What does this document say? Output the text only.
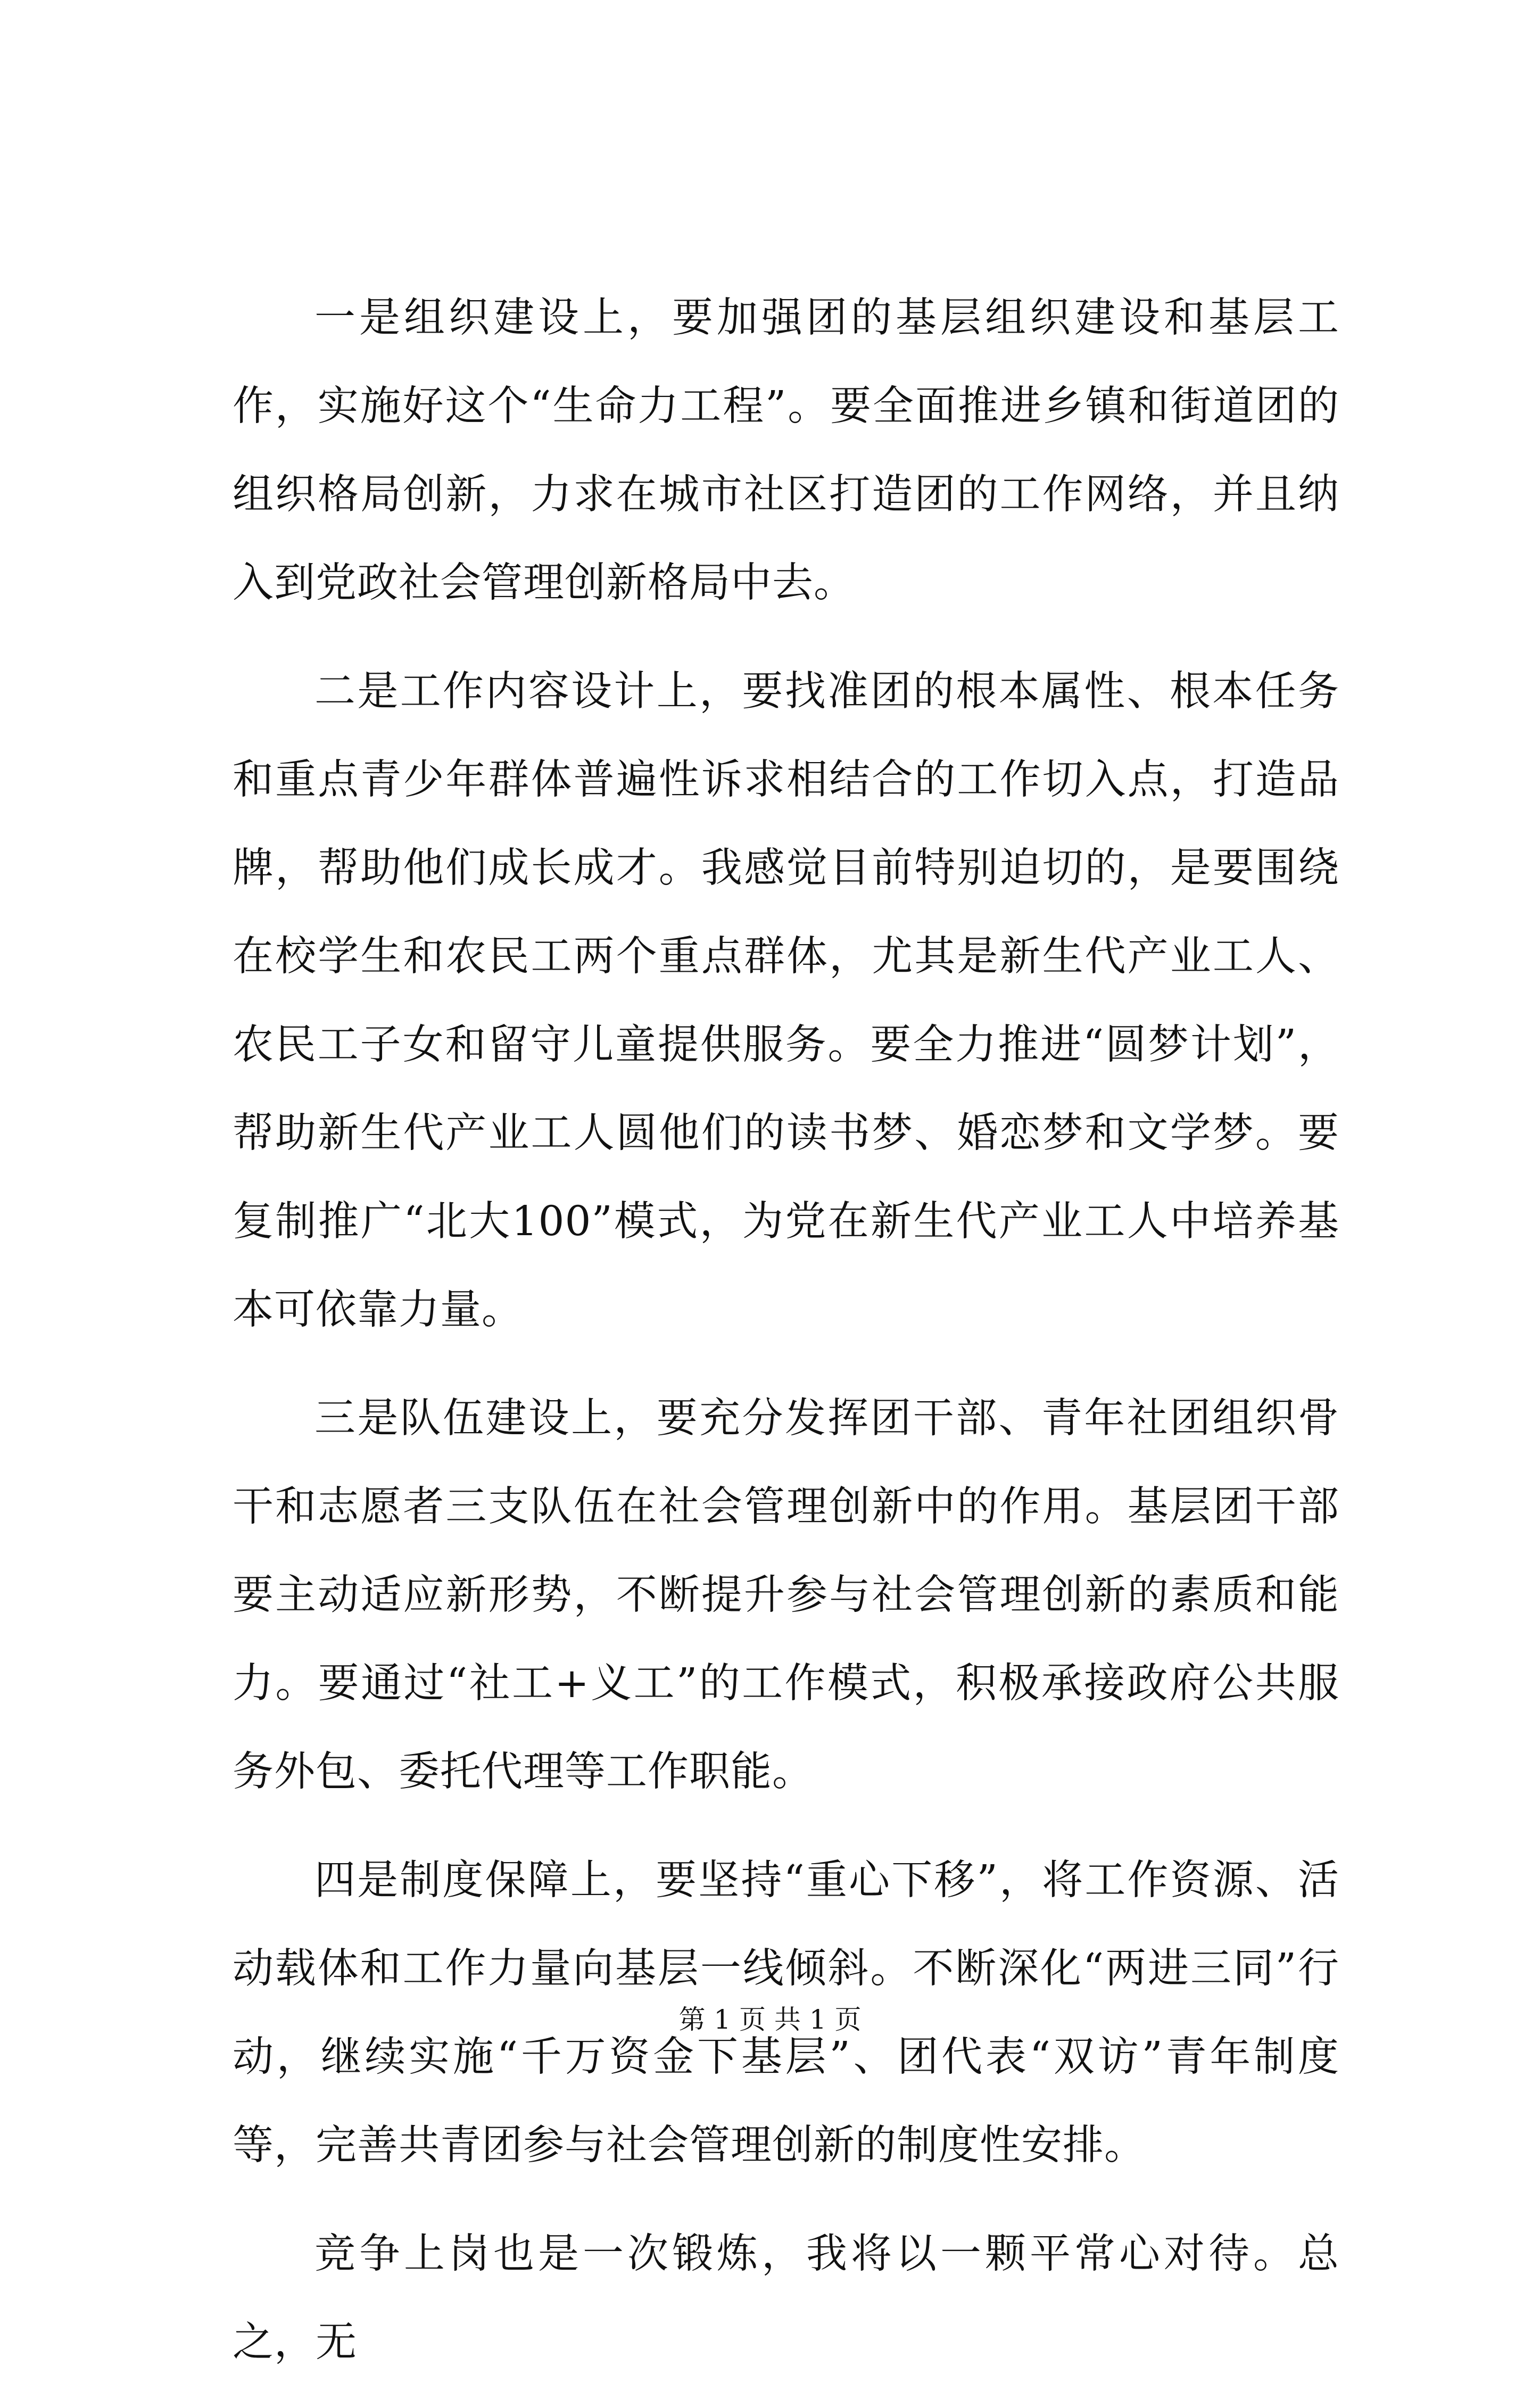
一是组织建设上，要加强团的基层组织建设和基层工作，实施好这个“生命力工程”。要全面推进乡镇和街道团的组织格局创新，力求在城市社区打造团的工作网络，并且纳入到党政社会管理创新格局中去。

二是工作内容设计上，要找准团的根本属性、根本任务和重点青少年群体普遍性诉求相结合的工作切入点，打造品牌，帮助他们成长成才。我感觉目前特别迫切的，是要围绕在校学生和农民工两个重点群体，尤其是新生代产业工人、农民工子女和留守儿童提供服务。要全力推进“圆梦计划”，帮助新生代产业工人圆他们的读书梦、婚恋梦和文学梦。要复制推广“北大100”模式，为党在新生代产业工人中培养基本可依靠力量。

三是队伍建设上，要充分发挥团干部、青年社团组织骨干和志愿者三支队伍在社会管理创新中的作用。基层团干部要主动适应新形势，不断提升参与社会管理创新的素质和能力。要通过“社工+义工”的工作模式，积极承接政府公共服务外包、委托代理等工作职能。

四是制度保障上，要坚持“重心下移”，将工作资源、活动载体和工作力量向基层一线倾斜。不断深化“两进三同”行动，继续实施“千万资金下基层”、团代表“双访”青年制度等，完善共青团参与社会管理创新的制度性安排。

竞争上岗也是一次锻炼，我将以一颗平常心对待。总之，无

第 1 页 共 1 页
